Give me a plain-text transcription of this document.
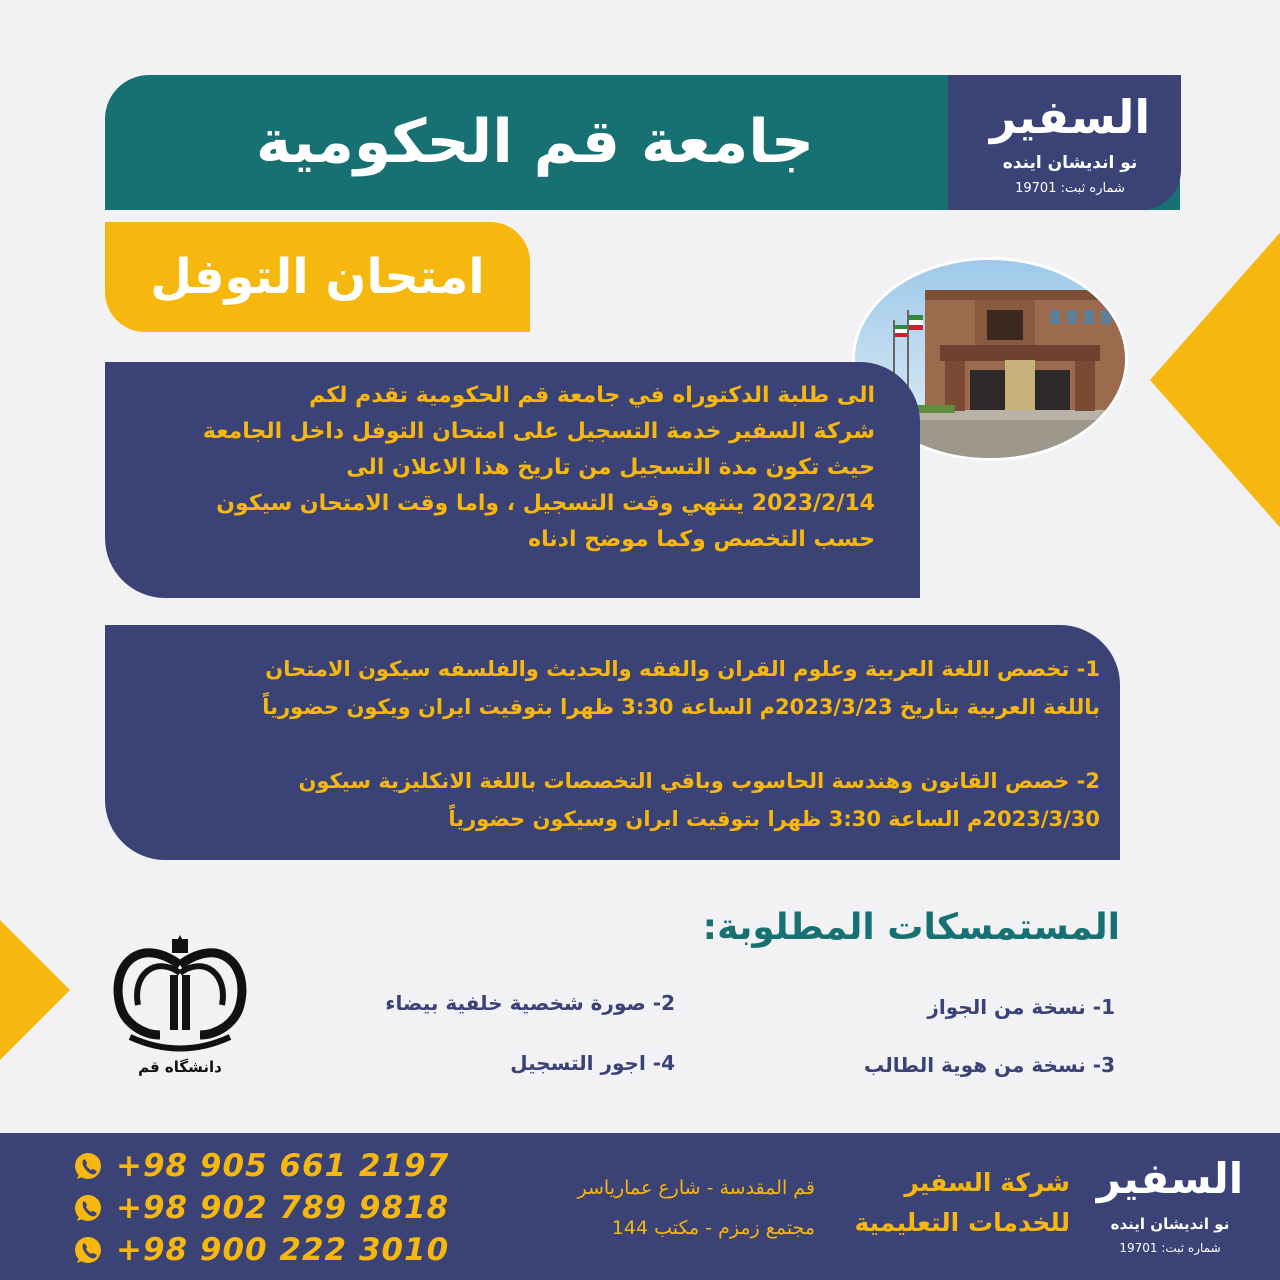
جامعة قم الحكومية	السفير
نو انديشان اينده
شماره ثبت: 19701
امتحان التوفل
الى طلبة الدكتوراه في جامعة قم الحكومية تقدم لكم
شركة السفير خدمة التسجيل على امتحان التوفل داخل الجامعة
حيث تكون مدة التسجيل من تاريخ هذا الاعلان الى
2023/2/14 ينتهي وقت التسجيل ، واما وقت الامتحان سيكون
حسب التخصص وكما موضح ادناه
1- تخصص اللغة العربية وعلوم القران والفقه والحديث والفلسفه سيكون الامتحان
باللغة العربية بتاريخ 2023/3/23م الساعة 3:30 ظهرا بتوقيت ايران ويكون حضورياً
2- خصص القانون وهندسة الحاسوب وباقي التخصصات باللغة الانكليزية سيكون
2023/3/30م الساعة 3:30 ظهرا بتوقيت ايران وسيكون حضورياً
المستمسكات المطلوبة:
1- نسخة من الجواز
2- صورة شخصية خلفية بيضاء
3- نسخة من هوية الطالب
4- اجور التسجيل
دانشگاه قم
+98 905 661 2197
+98 902 789 9818
+98 900 222 3010
قم المقدسة - شارع عمارياسر
مجتمع زمزم - مكتب 144
شركة السفير
للخدمات التعليمية
السفير
نو انديشان اينده
شماره ثبت: 19701
